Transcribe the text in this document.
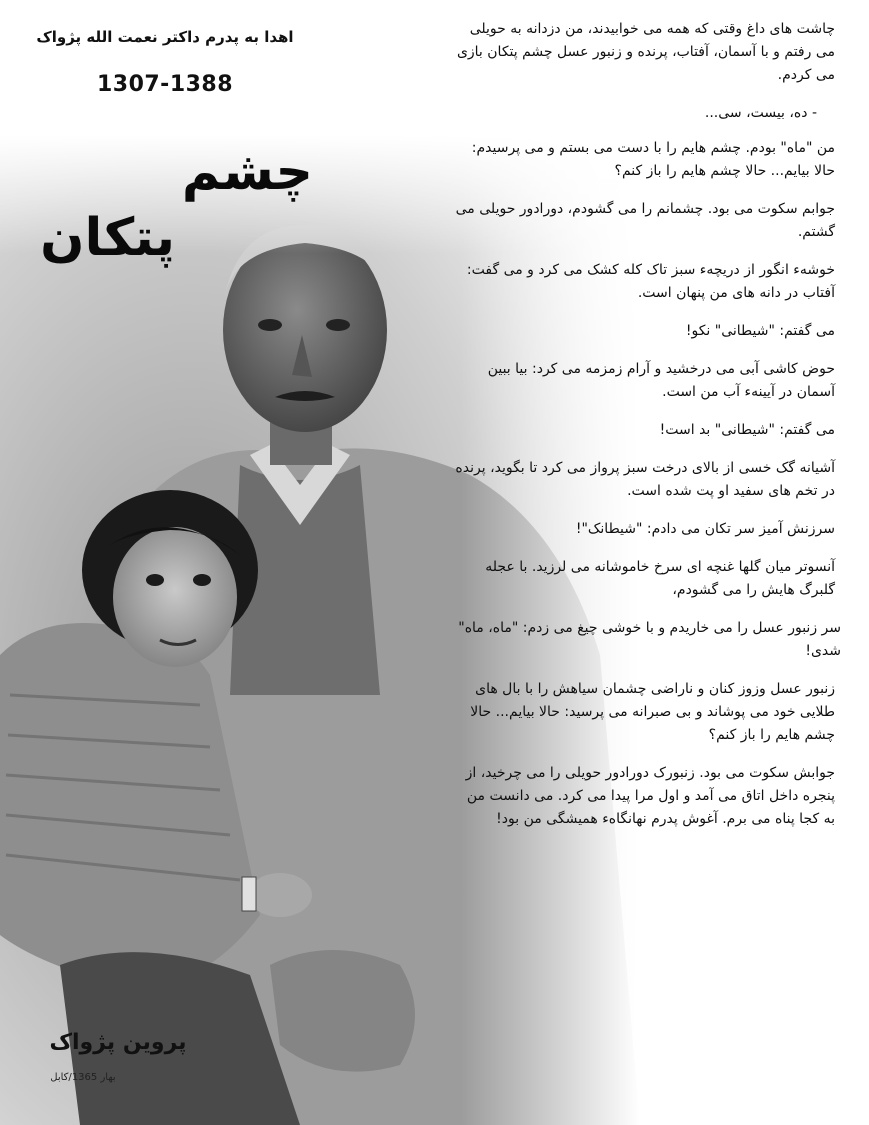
اهدا به پدرم داکتر نعمت الله پژواک
1307-1388
چشم
پتکان

چاشت های داغ وقتی که همه می خوابیدند، من دزدانه به حویلی می رفتم و با آسمان، آفتاب، پرنده و زنبور عسل چشم پتکان بازی می کردم.

- ده، بیست، سی...

من "ماه" بودم. چشم هایم را با دست می بستم و می پرسیدم: حالا بیایم... حالا چشم هایم را باز کنم؟

جوابم سکوت می بود. چشمانم را می گشودم، دورادور حویلی می گشتم.

خوشهء انگور از دریچهء سبز تاک کله کشک می کرد و می گفت: آفتاب در دانه های من پنهان است.

می گفتم: "شیطانی" نکو!

حوض کاشی آبی می درخشید و آرام زمزمه می کرد: بیا ببین آسمان در آیینهء آب من است.

می گفتم: "شیطانی" بد است!

آشیانه گک خسی از بالای درخت سبز پرواز می کرد تا بگوید، پرنده در تخم های سفید او پت شده است.

سرزنش آمیز سر تکان می دادم: "شیطانک"!

آنسوتر میان گلها غنچه ای سرخ خاموشانه می لرزید. با عجله گلبرگ هایش را می گشودم،

سر زنبور عسل را می خاریدم و با خوشی چیغ می زدم: "ماه، ماه" شدی!

زنبور عسل وزوز کنان و ناراضی چشمان سیاهش را با بال های طلایی خود می پوشاند و بی صبرانه می پرسید: حالا بیایم... حالا چشم هایم را باز کنم؟

جوابش سکوت می بود. زنبورک دورادور حویلی را می چرخید، از پنجره داخل اتاق می آمد و اول مرا پیدا می کرد. می دانست من به کجا پناه می برم. آغوش پدرم نهانگاهء همیشگی من بود!

پروین پژواک
بهار 1365/کابل
